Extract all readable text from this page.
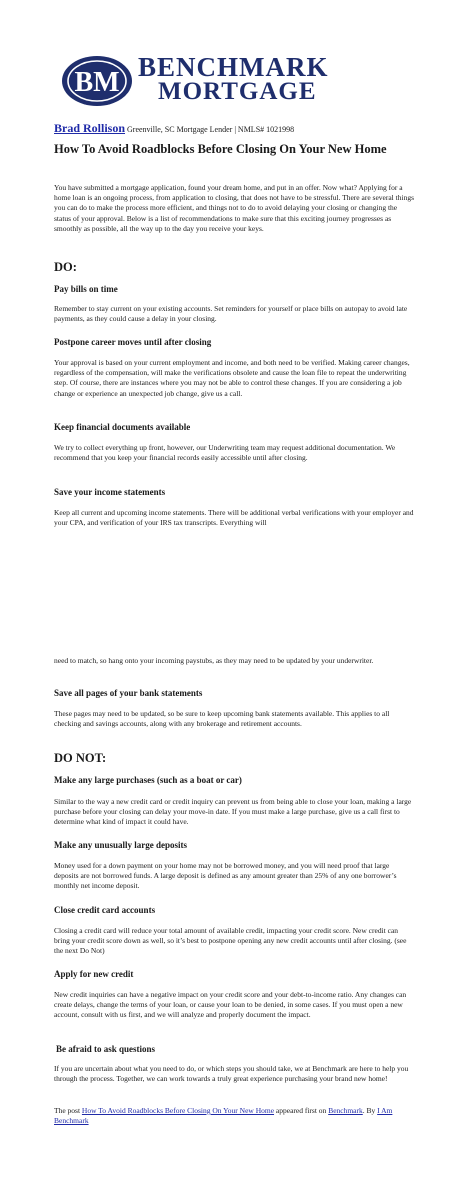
BM BENCHMARK
MORTGAGE
Brad Rollison Greenville, SC Mortgage Lender | NMLS# 1021998
How To Avoid Roadblocks Before Closing On Your New Home

You have submitted a mortgage application, found your dream home, and put in an offer. Now what? Applying for a home loan is an ongoing process, from application to closing, that does not have to be stressful. There are several things you can do to make the process more efficient, and things not to do to avoid delaying your closing or changing the status of your approval. Below is a list of recommendations to make sure that this exciting journey progresses as smoothly as possible, all the way up to the day you receive your keys.

DO:
Pay bills on time

Remember to stay current on your existing accounts. Set reminders for yourself or place bills on autopay to avoid late payments, as they could cause a delay in your closing.

Postpone career moves until after closing

Your approval is based on your current employment and income, and both need to be verified. Making career changes, regardless of the compensation, will make the verifications obsolete and cause the loan file to repeat the underwriting step. Of course, there are instances where you may not be able to control these changes. If you are considering a job change or experience an unexpected job change, give us a call.

Keep financial documents available

We try to collect everything up front, however, our Underwriting team may request additional documentation. We recommend that you keep your financial records easily accessible until after closing.

Save your income statements

Keep all current and upcoming income statements. There will be additional verbal verifications with your employer and your CPA, and verification of your IRS tax transcripts. Everything will

need to match, so hang onto your incoming paystubs, as they may need to be updated by your underwriter.

Save all pages of your bank statements

These pages may need to be updated, so be sure to keep upcoming bank statements available. This applies to all checking and savings accounts, along with any brokerage and retirement accounts.

DO NOT:
Make any large purchases (such as a boat or car)

Similar to the way a new credit card or credit inquiry can prevent us from being able to close your loan, making a large purchase before your closing can delay your move-in date. If you must make a large purchase, give us a call first to determine what kind of impact it could have.

Make any unusually large deposits

Money used for a down payment on your home may not be borrowed money, and you will need proof that large deposits are not borrowed funds. A large deposit is defined as any amount greater than 25% of any one borrower’s monthly net income deposit.

Close credit card accounts

Closing a credit card will reduce your total amount of available credit, impacting your credit score. New credit can bring your credit score down as well, so it’s best to postpone opening any new credit accounts until after closing. (see the next Do Not)

Apply for new credit

New credit inquiries can have a negative impact on your credit score and your debt-to-income ratio. Any changes can create delays, change the terms of your loan, or cause your loan to be denied, in some cases. If you must open a new account, consult with us first, and we will analyze and properly document the impact.

Be afraid to ask questions

If you are uncertain about what you need to do, or which steps you should take, we at Benchmark are here to help you through the process. Together, we can work towards a truly great experience purchasing your brand new home!

The post How To Avoid Roadblocks Before Closing On Your New Home appeared first on Benchmark. By I Am Benchmark
